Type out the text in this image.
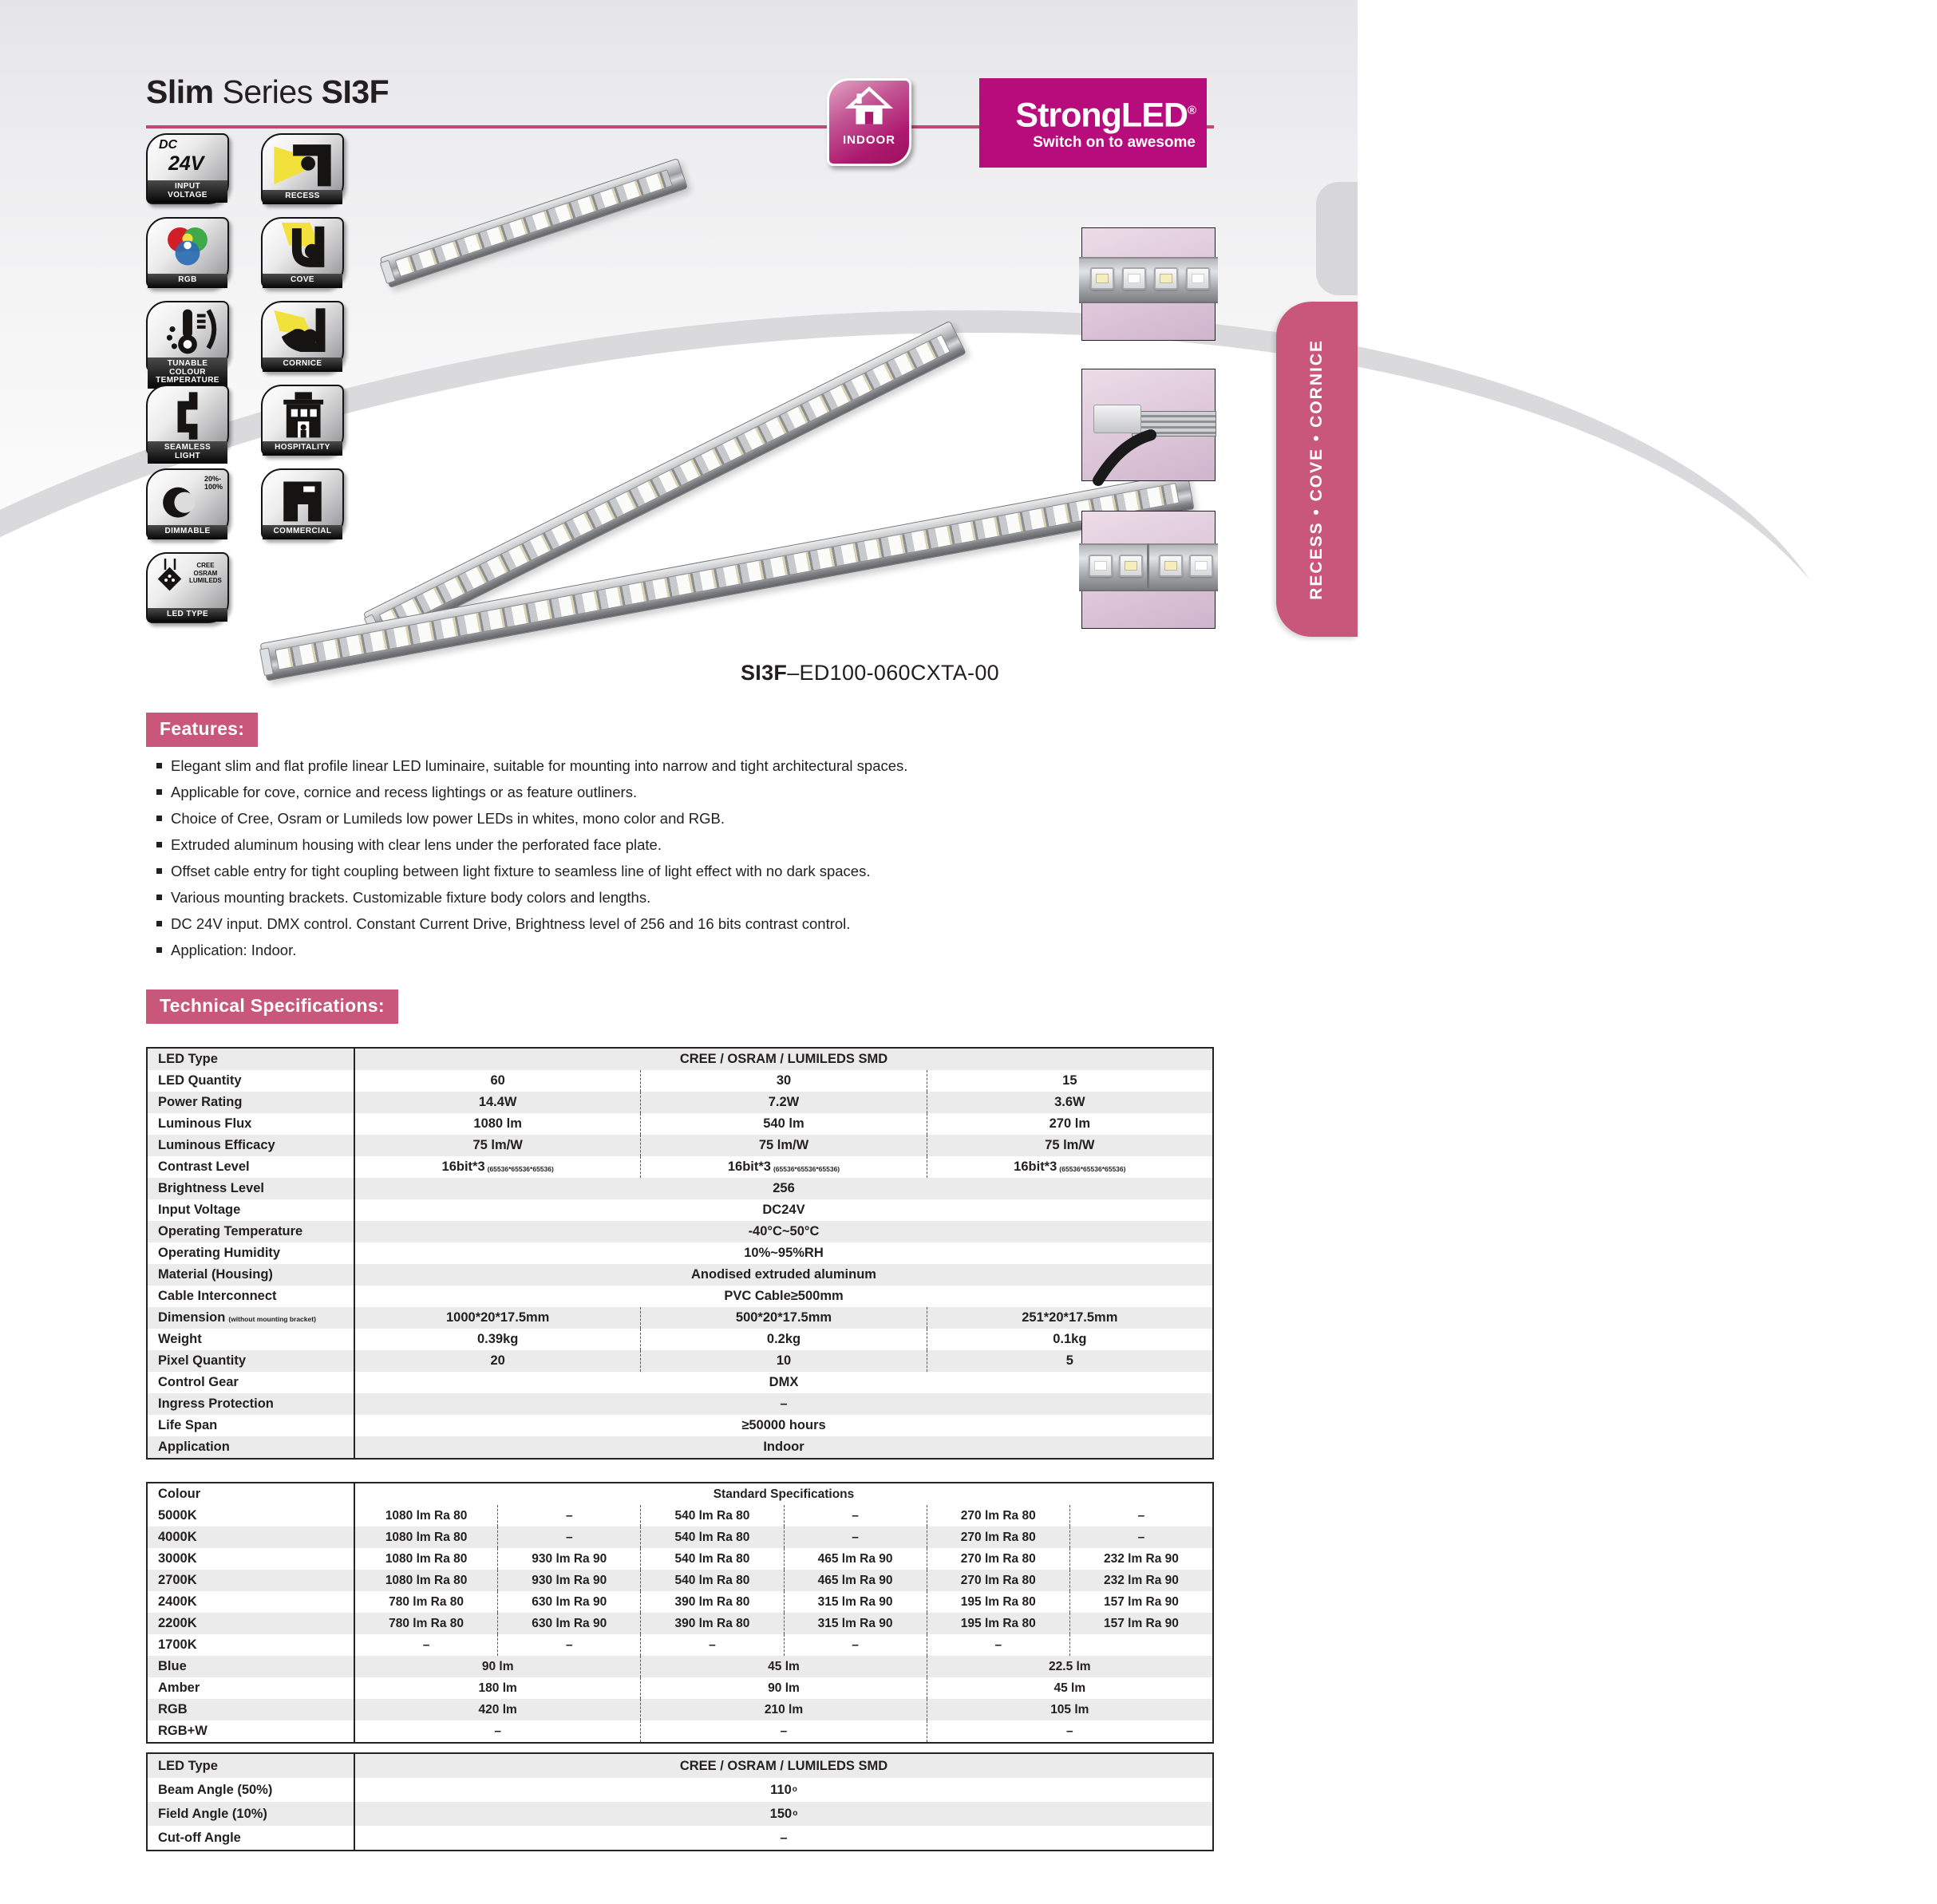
Slim Series SI3F
INDOOR
StrongLED®
Switch on to awesome
DC
24V
INPUT
VOLTAGE	RECESS
RGB	COVE
TUNABLE COLOUR
TEMPERATURE
CORNICE
SEAMLESS
LIGHT
HOSPITALITY
20%-
100%
DIMMABLE	COMMERCIAL
CREE
OSRAM
LUMILEDS
LED TYPE
RECESS • COVE • CORNICE
SI3F–ED100-060CXTA-00
Features:
Elegant slim and flat profile linear LED luminaire, suitable for mounting into narrow and tight architectural spaces.
Applicable for cove, cornice and recess lightings or as feature outliners.
Choice of Cree, Osram or Lumileds low power LEDs in whites, mono color and RGB.
Extruded aluminum housing with clear lens under the perforated face plate.
Offset cable entry for tight coupling between light fixture to seamless line of light effect with no dark spaces.
Various mounting brackets. Customizable fixture body colors and lengths.
DC 24V input. DMX control. Constant Current Drive, Brightness level of 256 and 16 bits contrast control.
Application: Indoor.
Technical Specifications:
LED Type	CREE / OSRAM / LUMILEDS SMD
LED Quantity	60	30	15
Power Rating	14.4W	7.2W	3.6W
Luminous Flux	1080 lm	540 lm	270 lm
Luminous Efficacy	75 lm/W	75 lm/W	75 lm/W
Contrast Level	16bit*3 (65536*65536*65536)	16bit*3 (65536*65536*65536)	16bit*3 (65536*65536*65536)
Brightness Level	256
Input Voltage	DC24V
Operating Temperature	-40°C~50°C
Operating Humidity	10%~95%RH
Material (Housing)	Anodised extruded aluminum
Cable Interconnect	PVC Cable≥500mm
Dimension (without mounting bracket)	1000*20*17.5mm	500*20*17.5mm	251*20*17.5mm
Weight	0.39kg	0.2kg	0.1kg
Pixel Quantity	20	10	5
Control Gear	DMX
Ingress Protection	–
Life Span	≥50000 hours
Application	Indoor
Colour	Standard Specifications
5000K	1080 lm Ra 80	–	540 lm Ra 80	–	270 lm Ra 80	–
4000K	1080 lm Ra 80	–	540 lm Ra 80	–	270 lm Ra 80	–
3000K	1080 lm Ra 80	930 lm Ra 90	540 lm Ra 80	465 lm Ra 90	270 lm Ra 80	232 lm Ra 90
2700K	1080 lm Ra 80	930 lm Ra 90	540 lm Ra 80	465 lm Ra 90	270 lm Ra 80	232 lm Ra 90
2400K	780 lm Ra 80	630 lm Ra 90	390 lm Ra 80	315 lm Ra 90	195 lm Ra 80	157 lm Ra 90
2200K	780 lm Ra 80	630 lm Ra 90	390 lm Ra 80	315 lm Ra 90	195 lm Ra 80	157 lm Ra 90
1700K	–	–	–	–	–
Blue	90 lm	45 lm	22.5 lm
Amber	180 lm	90 lm	45 lm
RGB	420 lm	210 lm	105 lm
RGB+W	–	–	–
LED Type	CREE / OSRAM / LUMILEDS SMD
Beam Angle (50%)	110 o
Field Angle (10%)	150 o
Cut-off Angle	–
